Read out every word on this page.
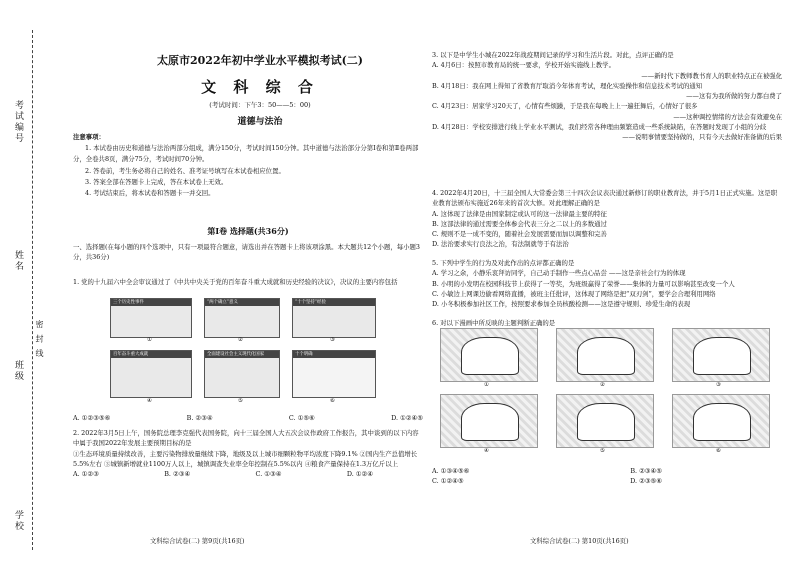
考试编号
姓名
密 封 线
班级
学校
太原市2022年初中学业水平模拟考试(二)
文 科 综 合
(考试时间：下午3：50——5：00)
道德与法治
注意事项：
1. 本试卷由历史和道德与法治两部分组成，满分150分，考试时间150分钟。其中道德与法治部分分第Ⅰ卷和第Ⅱ卷两部分，全卷共8页，满分75分，考试时间70分钟。
2. 答卷前，考生务必将自己的姓名、准考证号填写在本试卷相应位置。
3. 答案全部在答题卡上完成，答在本试卷上无效。
4. 考试结束后，将本试卷和答题卡一并交回。
第Ⅰ卷 选择题(共36分)
一、选择题(在每小题的四个选项中，只有一项最符合题意，请选出并在答题卡上将该项涂黑。本大题共12个小题，每小题3分，共36分)
1. 党的十九届六中全会审议通过了《中共中央关于党的百年奋斗重大成就和历史经验的决议》，决议的主要内容包括
三个历史性事件
①
“两个确立”意义
②
“十个坚持”经验
③
百年奋斗重大成就
④
全面建设社会主义现代化国家
⑤
十个明确
⑥
A. ①②③⑤⑥	B. ②③④	C. ①⑤⑥	D. ①②④⑤
2. 2022年3月5日上午，国务院总理李克强代表国务院，向十三届全国人大五次会议作政府工作报告，其中谈到的以下内容中属于我国2022年发展主要预期目标的是
①生态环境质量持续改善，主要污染物排放量继续下降，地级及以上城市细颗粒物平均浓度下降9.1% ②国内生产总值增长5.5%左右 ③城镇新增就业1100万人以上，城镇调查失业率全年控制在5.5%以内 ④粮食产量保持在1.3万亿斤以上
A. ①②③	B. ②③④	C. ①③④	D. ①②④
文科综合试卷(二) 第9页(共16页)
3. 以下是中学生小城在2022年战疫期间记录的学习和生活片段。对此，点评正确的是
A. 4月6日：按照市教育局的统一要求，学校开始实施线上教学。
——新时代下教师教书育人的职业特点正在被强化
B. 4月18日：我在网上得知了省教育厅取消今年体育考试，理化实验操作和信息技术考试的通知
——这有为我所做的努力都白费了
C. 4月23日：居家学习20天了，心情有些烦躁，于是我在每晚上上一遍狂舞后，心情好了很多
——这种调控情绪的方法会有效避免在
D. 4月28日：学校安排进行线上学业水平测试，我们经常各种理由频繁造成一些系统缺陷，在答题时发现了小组的分歧
——说明事情要坚持做的，只有今天去做好准备做的后果
4. 2022年4月20日，十三届全国人大常委会第三十四次会议表决通过新修订的职业教育法，并于5月1日正式实施。这是职业教育法颁布实施近26年来的首次大修。对此理解正确的是
A. 这体现了法律是由国家制定或认可的这一法律最主要的特征
B. 这部法律的通过需要全体参会代表三分之二以上的多数通过
C. 规则不是一成不变的，随着社会发展需要而加以调整和完善
D. 法治要求实行良法之治，有法制就等于有法治
5. 下列中学生的行为及对此作出的点评都正确的是
A. 学习之余，小静乐衷拜访同学，自己动手制作一些点心品尝 ——这是亲社会行为的体现
B. 小明的小发明在校园科技节上获得了一等奖，为班级赢得了荣誉——集体的力量可以影响甚至改变一个人
C. 小敏边上网课边偷看网络直播，被班主任批评，这体现了网络是把“双刃剑”，要学会合理利用网络
D. 小冬积极参加社区工作，按照要求参加全员核酸检测——这是遵守规则、珍爱生命的表现
6. 对以下漫画中所反映的主题判断正确的是
①	②	③
④	⑤	⑥
A. ①③④⑤⑥	B. ②③④⑤
C. ①②④⑤	D. ②③⑤⑥
文科综合试卷(二) 第10页(共16页)
